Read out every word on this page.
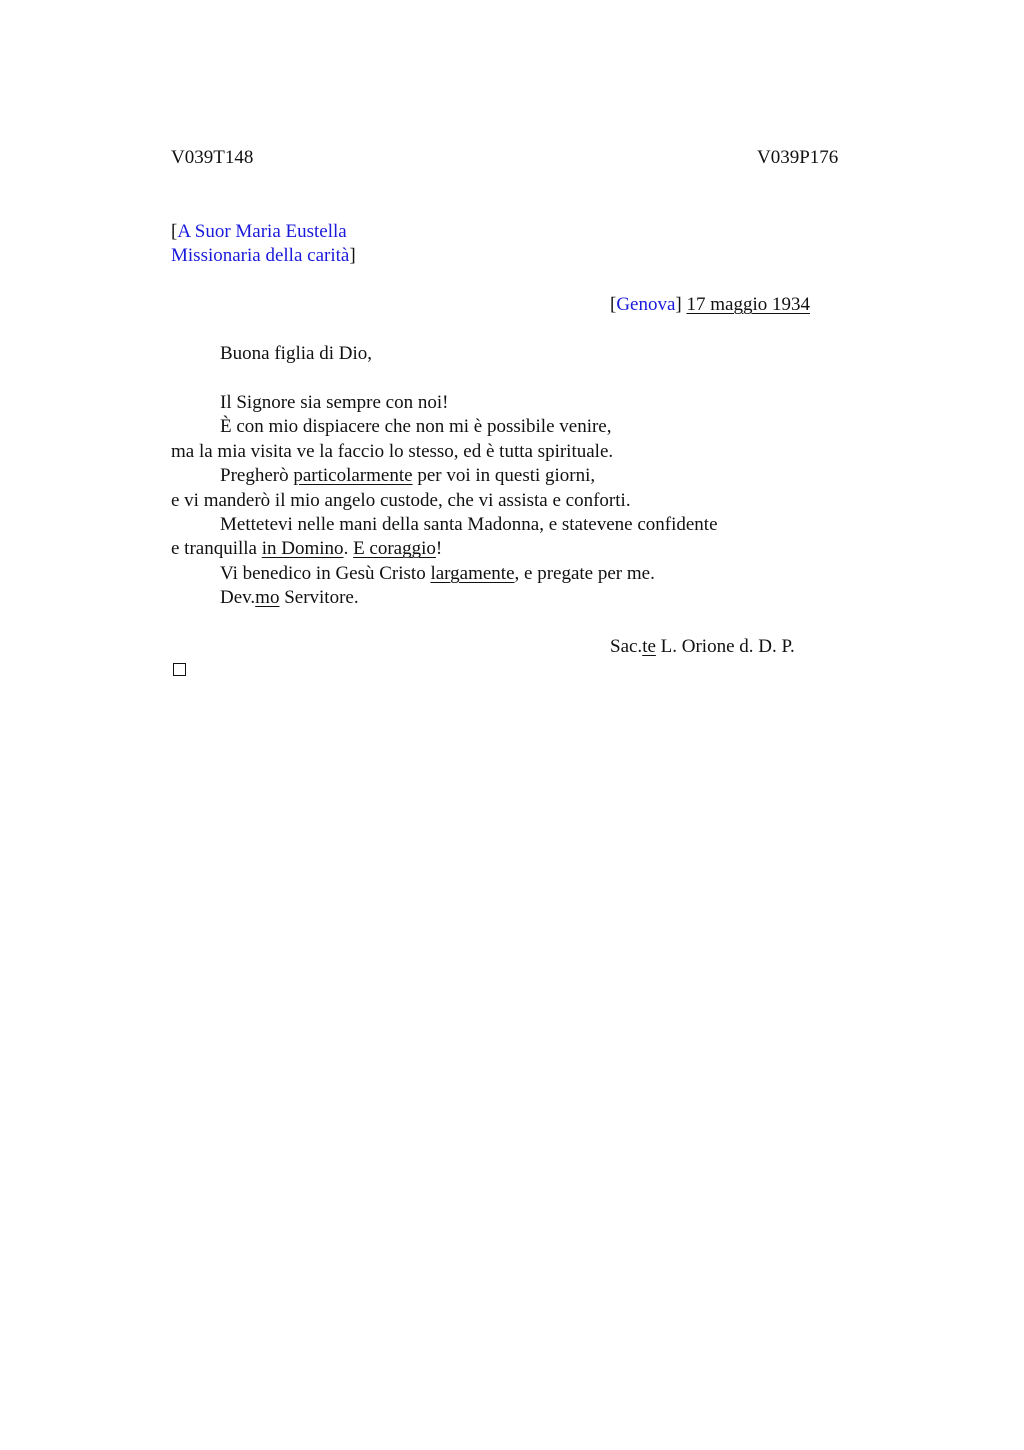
V039T148	V039P176
[A Suor Maria Eustella
Missionaria della carità]
[Genova] 17 maggio 1934
Buona figlia di Dio,
Il Signore sia sempre con noi!
È con mio dispiacere che non mi è possibile venire,
ma la mia visita ve la faccio lo stesso, ed è tutta spirituale.
Pregherò particolarmente per voi in questi giorni,
e vi manderò il mio angelo custode, che vi assista e conforti.
Mettetevi nelle mani della santa Madonna, e statevene confidente
e tranquilla in Domino. E coraggio!
Vi benedico in Gesù Cristo largamente, e pregate per me.
Dev.mo Servitore.
Sac.te L. Orione d. D. P.
